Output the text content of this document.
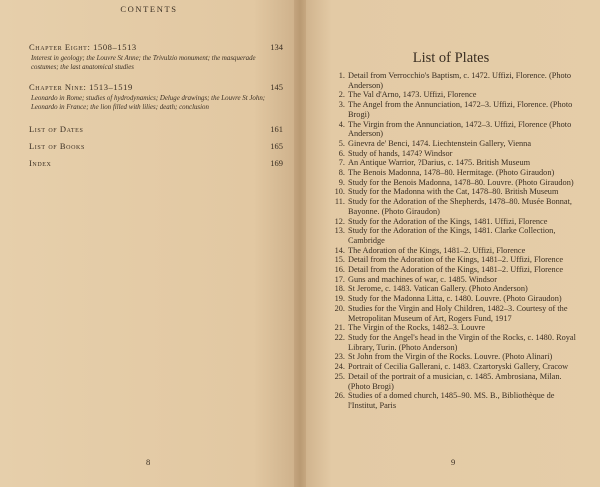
CONTENTS
Chapter Eight: 1508–1513	134
Interest in geology; the Louvre St Anne; the Trivulzio monument; the masquerade costumes; the last anatomical studies
Chapter Nine: 1513–1519	145
Leonardo in Rome; studies of hydrodynamics; Deluge drawings; the Louvre St John; Leonardo in France; the lion filled with lilies; death; conclusion
List of Dates	161
List of Books	165
Index	169
8
List of Plates
1. Detail from Verrocchio's Baptism, c. 1472. Uffizi, Florence. (Photo Anderson)
2. The Val d'Arno, 1473. Uffizi, Florence
3. The Angel from the Annunciation, 1472–3. Uffizi, Florence. (Photo Brogi)
4. The Virgin from the Annunciation, 1472–3. Uffizi, Florence (Photo Anderson)
5. Ginevra de' Benci, 1474. Liechtenstein Gallery, Vienna
6. Study of hands, 1474? Windsor
7. An Antique Warrior, ?Darius, c. 1475. British Museum
8. The Benois Madonna, 1478–80. Hermitage. (Photo Giraudon)
9. Study for the Benois Madonna, 1478–80. Louvre. (Photo Giraudon)
10. Study for the Madonna with the Cat, 1478–80. British Museum
11. Study for the Adoration of the Shepherds, 1478–80. Musée Bonnat, Bayonne. (Photo Giraudon)
12. Study for the Adoration of the Kings, 1481. Uffizi, Florence
13. Study for the Adoration of the Kings, 1481. Clarke Collection, Cambridge
14. The Adoration of the Kings, 1481–2. Uffizi, Florence
15. Detail from the Adoration of the Kings, 1481–2. Uffizi, Florence
16. Detail from the Adoration of the Kings, 1481–2. Uffizi, Florence
17. Guns and machines of war, c. 1485. Windsor
18. St Jerome, c. 1483. Vatican Gallery. (Photo Anderson)
19. Study for the Madonna Litta, c. 1480. Louvre. (Photo Giraudon)
20. Studies for the Virgin and Holy Children, 1482–3. Courtesy of the Metropolitan Museum of Art, Rogers Fund, 1917
21. The Virgin of the Rocks, 1482–3. Louvre
22. Study for the Angel's head in the Virgin of the Rocks, c. 1480. Royal Library, Turin. (Photo Anderson)
23. St John from the Virgin of the Rocks. Louvre. (Photo Alinari)
24. Portrait of Cecilia Gallerani, c. 1483. Czartoryski Gallery, Cracow
25. Detail of the portrait of a musician, c. 1485. Ambrosiana, Milan. (Photo Brogi)
26. Studies of a domed church, 1485–90. MS. B., Bibliothèque de l'Institut, Paris
9
